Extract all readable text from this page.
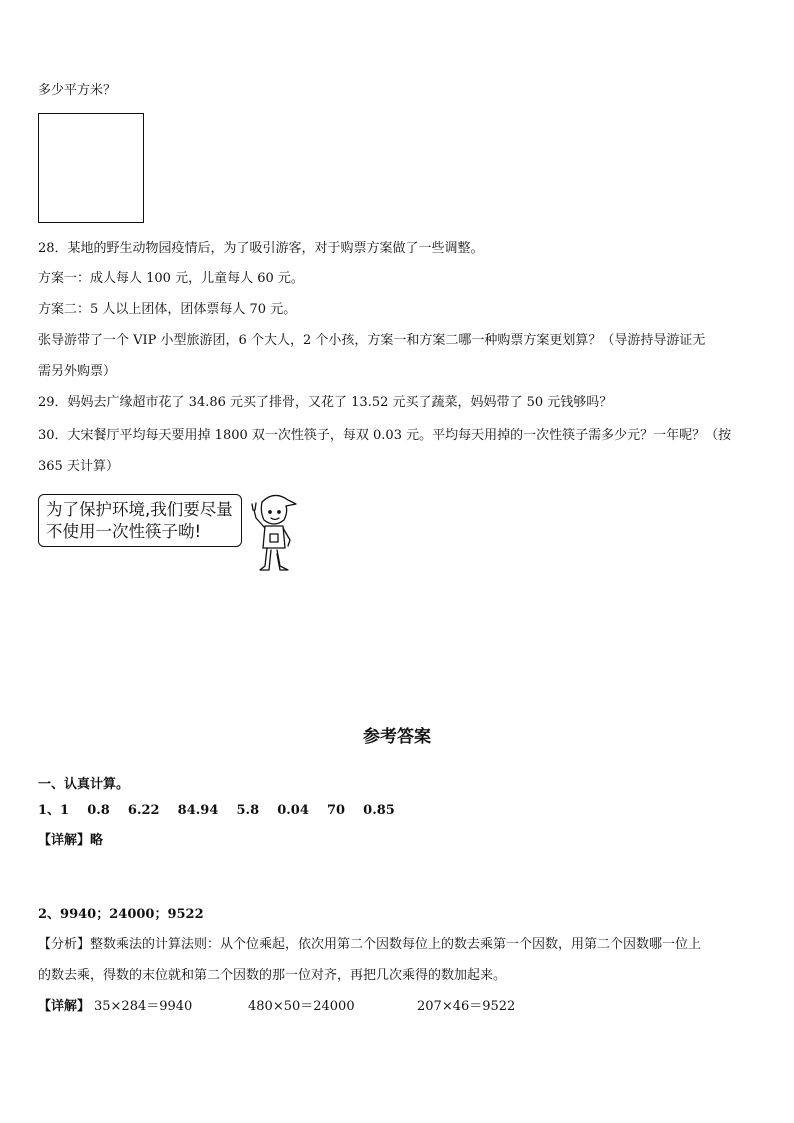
多少平方米？
28．某地的野生动物园疫情后，为了吸引游客，对于购票方案做了一些调整。
方案一：成人每人 100 元，儿童每人 60 元。
方案二：5 人以上团体，团体票每人 70 元。
张导游带了一个 VIP 小型旅游团，6 个大人，2 个小孩，方案一和方案二哪一种购票方案更划算？（导游持导游证无
需另外购票）
29．妈妈去广缘超市花了 34.86 元买了排骨，又花了 13.52 元买了蔬菜，妈妈带了 50 元钱够吗？
30．大宋餐厅平均每天要用掉 1800 双一次性筷子，每双 0.03 元。平均每天用掉的一次性筷子需多少元？一年呢？（按
365 天计算）
为了保护环境,我们要尽量
不使用一次性筷子呦!
参考答案
一、认真计算。
1、1    0.8    6.22    84.94    5.8    0.04    70    0.85
【详解】略
2、9940；24000；9522
【分析】整数乘法的计算法则：从个位乘起，依次用第二个因数每位上的数去乘第一个因数，用第二个因数哪一位上
的数去乘，得数的末位就和第二个因数的那一位对齐，再把几次乘得的数加起来。
【详解】 35×284＝9940	480×50＝24000	207×46＝9522
